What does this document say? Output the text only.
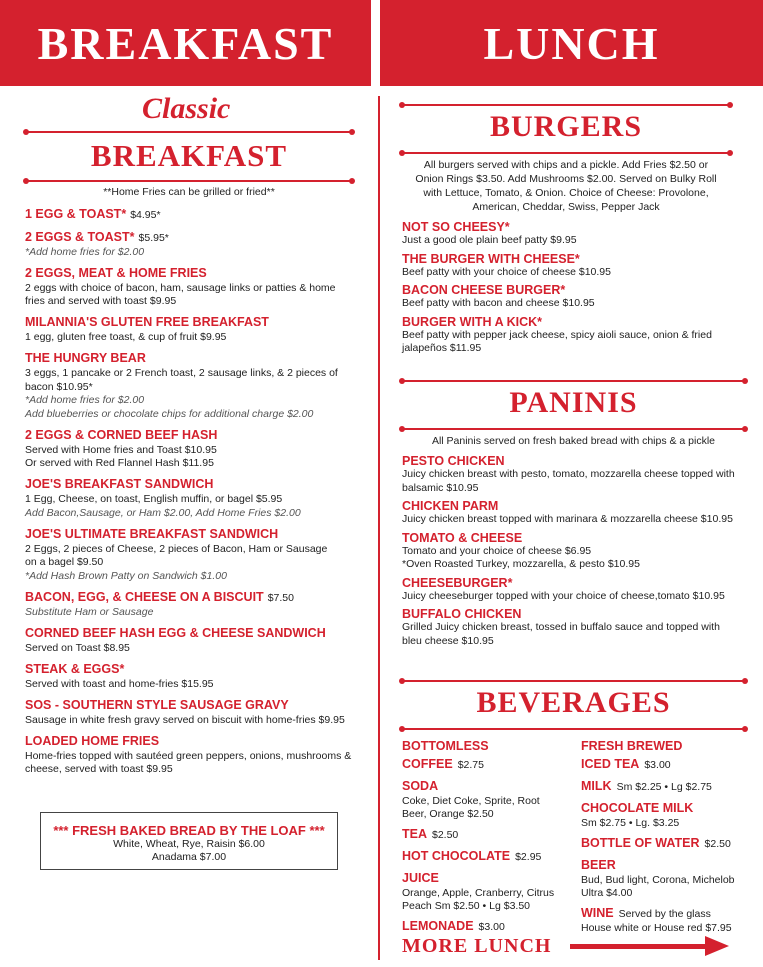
BREAKFAST	LUNCH
Classic
BREAKFAST
**Home Fries can be grilled or fried**
1 EGG & TOAST* $4.95*
2 EGGS & TOAST* $5.95*
*Add home fries for $2.00
2 EGGS, MEAT & HOME FRIES
2 eggs with choice of bacon, ham, sausage links or patties & home
fries and served with toast $9.95
MILANNIA'S GLUTEN FREE BREAKFAST
1 egg, gluten free toast, & cup of fruit $9.95
THE HUNGRY BEAR
3 eggs, 1 pancake or 2 French toast, 2 sausage links, & 2 pieces of
bacon $10.95*
*Add home fries for $2.00
Add blueberries or chocolate chips for additional charge $2.00
2 EGGS & CORNED BEEF HASH
Served with Home fries and Toast $10.95
Or served with Red Flannel Hash $11.95
JOE'S BREAKFAST SANDWICH
1 Egg, Cheese, on toast, English muffin, or bagel $5.95
Add Bacon,Sausage, or Ham $2.00, Add Home Fries $2.00
JOE'S ULTIMATE BREAKFAST SANDWICH
2 Eggs, 2 pieces of Cheese, 2 pieces of Bacon, Ham or Sausage
on a bagel $9.50
*Add Hash Brown Patty on Sandwich $1.00
BACON, EGG, & CHEESE ON A BISCUIT $7.50
Substitute Ham or Sausage
CORNED BEEF HASH EGG & CHEESE SANDWICH
Served on Toast $8.95
STEAK & EGGS*
Served with toast and home-fries $15.95
SOS - SOUTHERN STYLE SAUSAGE GRAVY
Sausage in white fresh gravy served on biscuit with home-fries $9.95
LOADED HOME FRIES
Home-fries topped with sautéed green peppers, onions, mushrooms &
cheese, served with toast $9.95
*** FRESH BAKED BREAD BY THE LOAF ***
White, Wheat, Rye, Raisin $6.00
Anadama $7.00
BURGERS
All burgers served with chips and a pickle. Add Fries $2.50 or
Onion Rings $3.50. Add Mushrooms $2.00. Served on Bulky Roll
with Lettuce, Tomato, & Onion. Choice of Cheese: Provolone,
American, Cheddar, Swiss, Pepper Jack
NOT SO CHEESY*
Just a good ole plain beef patty $9.95
THE BURGER WITH CHEESE*
Beef patty with your choice of cheese $10.95
BACON CHEESE BURGER*
Beef patty with bacon and cheese $10.95
BURGER WITH A KICK*
Beef patty with pepper jack cheese, spicy aioli sauce, onion & fried
jalapeños $11.95
PANINIS
All Paninis served on fresh baked bread with chips & a pickle
PESTO CHICKEN
Juicy chicken breast with pesto, tomato, mozzarella cheese topped with
balsamic $10.95
CHICKEN PARM
Juicy chicken breast topped with marinara & mozzarella cheese $10.95
TOMATO & CHEESE
Tomato and your choice of cheese $6.95
*Oven Roasted Turkey, mozzarella, & pesto $10.95
CHEESEBURGER*
Juicy cheeseburger topped with your choice of cheese,tomato $10.95
BUFFALO CHICKEN
Grilled Juicy chicken breast, tossed in buffalo sauce and topped with
bleu cheese $10.95
BEVERAGES
BOTTOMLESS COFFEE $2.75
SODA
Coke, Diet Coke, Sprite, Root
Beer, Orange $2.50
TEA $2.50
HOT CHOCOLATE $2.95
JUICE
Orange, Apple, Cranberry, Citrus
Peach Sm $2.50 • Lg $3.50
LEMONADE $3.00
FRESH BREWED
ICED TEA $3.00
MILK Sm $2.25 • Lg $2.75
CHOCOLATE MILK
Sm $2.75 • Lg. $3.25
BOTTLE OF WATER $2.50
BEER
Bud, Bud light, Corona, Michelob
Ultra $4.00
WINE Served by the glass
House white or House red $7.95
MORE LUNCH
